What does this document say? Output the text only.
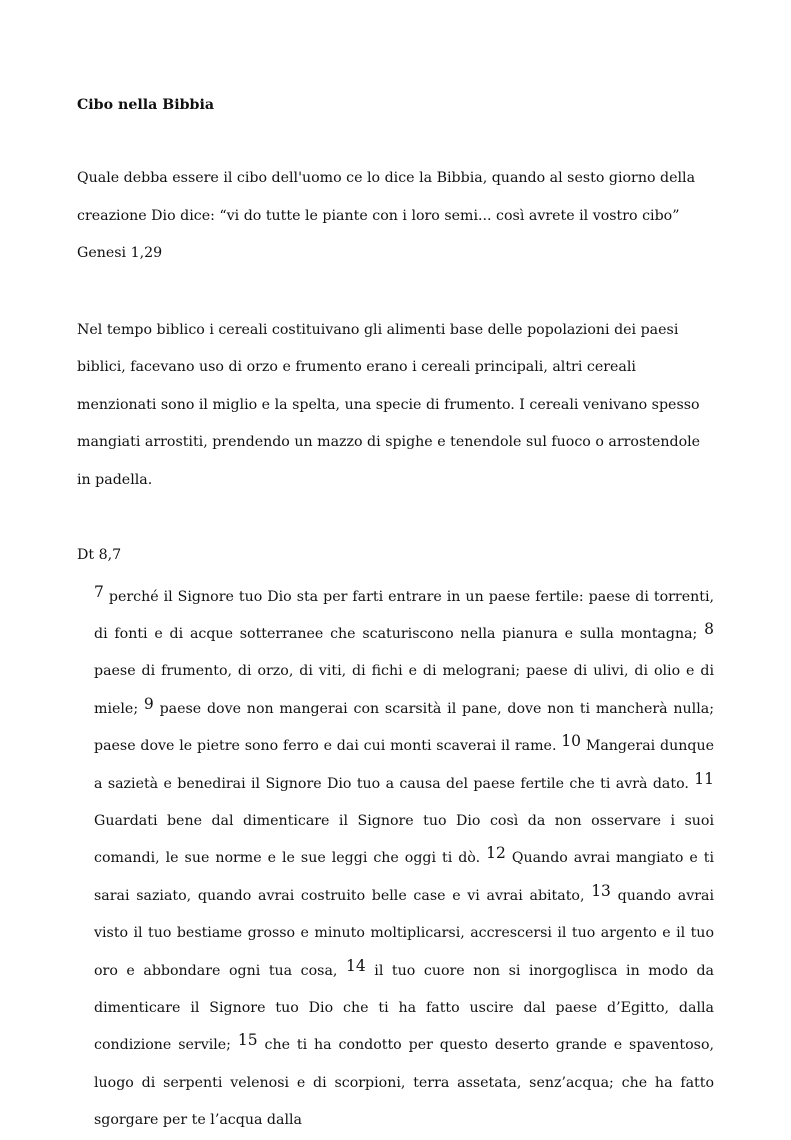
Cibo nella Bibbia

Quale debba essere il cibo dell'uomo ce lo dice la Bibbia, quando al sesto giorno della creazione Dio dice: “vi do tutte le piante con i loro semi... così avrete il vostro cibo” Genesi 1,29

Nel tempo biblico i cereali costituivano gli alimenti base delle popolazioni dei paesi biblici, facevano uso di orzo e frumento erano i cereali principali, altri cereali menzionati sono il miglio e la spelta, una specie di frumento. I cereali venivano spesso mangiati arrostiti, prendendo un mazzo di spighe e tenendole sul fuoco o arrostendole in padella.

Dt 8,7

7 perché il Signore tuo Dio sta per farti entrare in un paese fertile: paese di torrenti, di fonti e di acque sotterranee che scaturiscono nella pianura e sulla montagna; 8 paese di frumento, di orzo, di viti, di fichi e di melograni; paese di ulivi, di olio e di miele; 9 paese dove non mangerai con scarsità il pane, dove non ti mancherà nulla; paese dove le pietre sono ferro e dai cui monti scaverai il rame. 10 Mangerai dunque a sazietà e benedirai il Signore Dio tuo a causa del paese fertile che ti avrà dato. 11 Guardati bene dal dimenticare il Signore tuo Dio così da non osservare i suoi comandi, le sue norme e le sue leggi che oggi ti dò. 12 Quando avrai mangiato e ti sarai saziato, quando avrai costruito belle case e vi avrai abitato, 13 quando avrai visto il tuo bestiame grosso e minuto moltiplicarsi, accrescersi il tuo argento e il tuo oro e abbondare ogni tua cosa, 14 il tuo cuore non si inorgoglisca in modo da dimenticare il Signore tuo Dio che ti ha fatto uscire dal paese d’Egitto, dalla condizione servile; 15 che ti ha condotto per questo deserto grande e spaventoso, luogo di serpenti velenosi e di scorpioni, terra assetata, senz’acqua; che ha fatto sgorgare per te l’acqua dalla
